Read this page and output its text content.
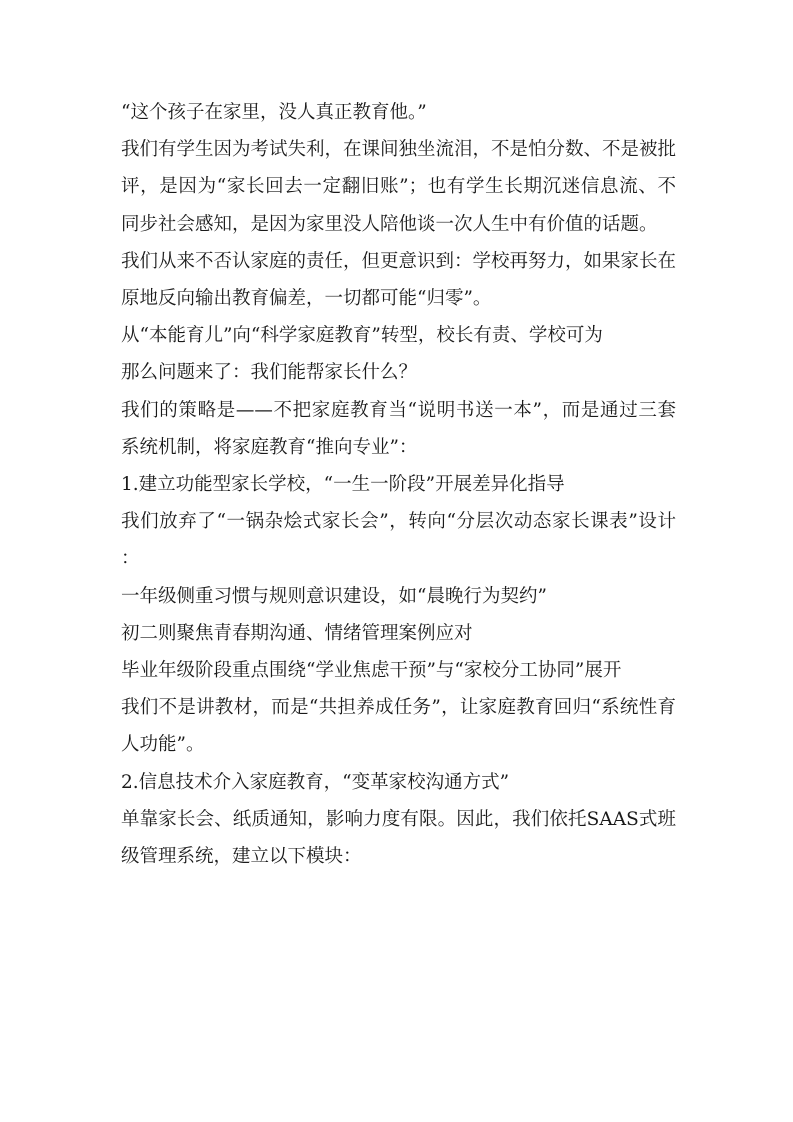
“这个孩子在家里，没人真正教育他。”

我们有学生因为考试失利，在课间独坐流泪，不是怕分数、不是被批评，是因为“家长回去一定翻旧账”；也有学生长期沉迷信息流、不同步社会感知，是因为家里没人陪他谈一次人生中有价值的话题。

我们从来不否认家庭的责任，但更意识到：学校再努力，如果家长在原地反向输出教育偏差，一切都可能“归零”。

从“本能育儿”向“科学家庭教育”转型，校长有责、学校可为

那么问题来了：我们能帮家长什么？

我们的策略是——不把家庭教育当“说明书送一本”，而是通过三套系统机制，将家庭教育“推向专业”：

1.建立功能型家长学校，“一生一阶段”开展差异化指导

我们放弃了“一锅杂烩式家长会”，转向“分层次动态家长课表”设计：

一年级侧重习惯与规则意识建设，如“晨晚行为契约”

初二则聚焦青春期沟通、情绪管理案例应对

毕业年级阶段重点围绕“学业焦虑干预”与“家校分工协同”展开

我们不是讲教材，而是“共担养成任务”，让家庭教育回归“系统性育人功能”。

2.信息技术介入家庭教育，“变革家校沟通方式”

单靠家长会、纸质通知，影响力度有限。因此，我们依托SAAS式班级管理系统，建立以下模块：
